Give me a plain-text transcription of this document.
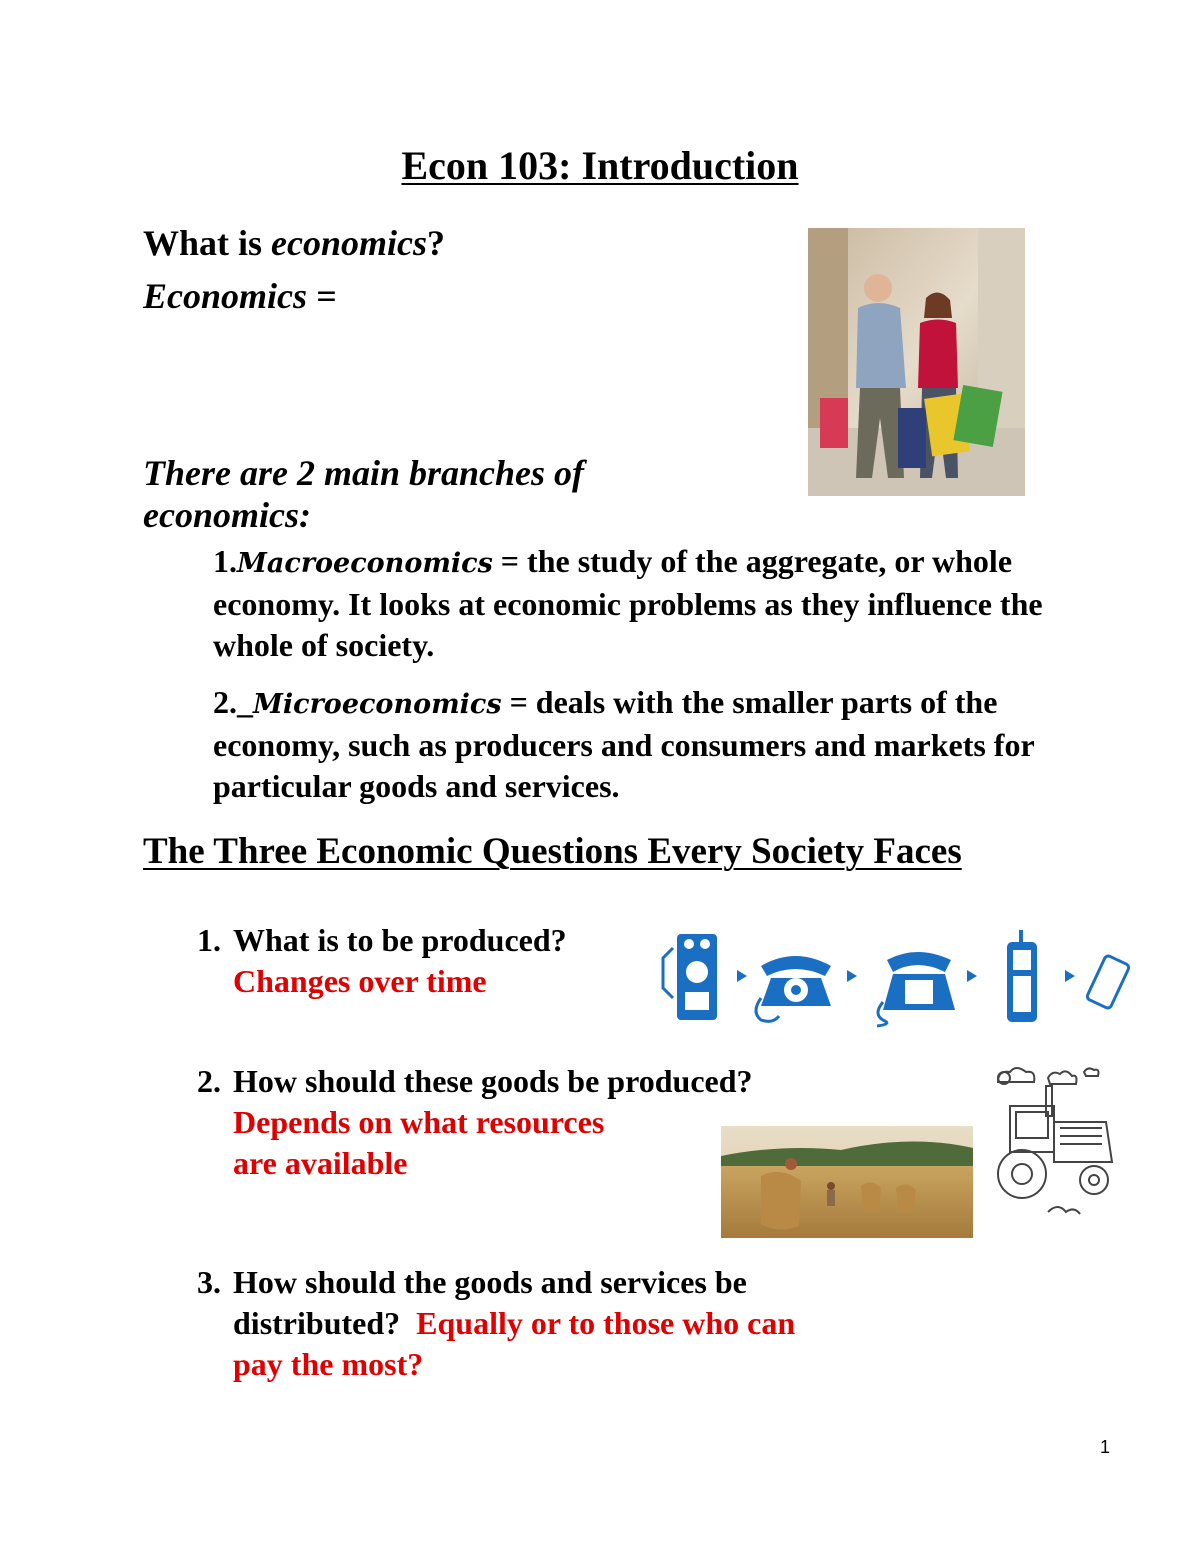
Econ 103: Introduction
What is economics?
Economics =
There are 2 main branches of economics:
1.Macroeconomics = the study of the aggregate, or whole economy. It looks at economic problems as they influence the whole of society.
2._Microeconomics = deals with the smaller parts of the economy, such as producers and consumers and markets for particular goods and services.
The Three Economic Questions Every Society Faces
1. What is to be produced?
Changes over time
2. How should these goods be produced?
Depends on what resources
are available
3. How should the goods and services be
distributed? Equally or to those who can
pay the most?
1
